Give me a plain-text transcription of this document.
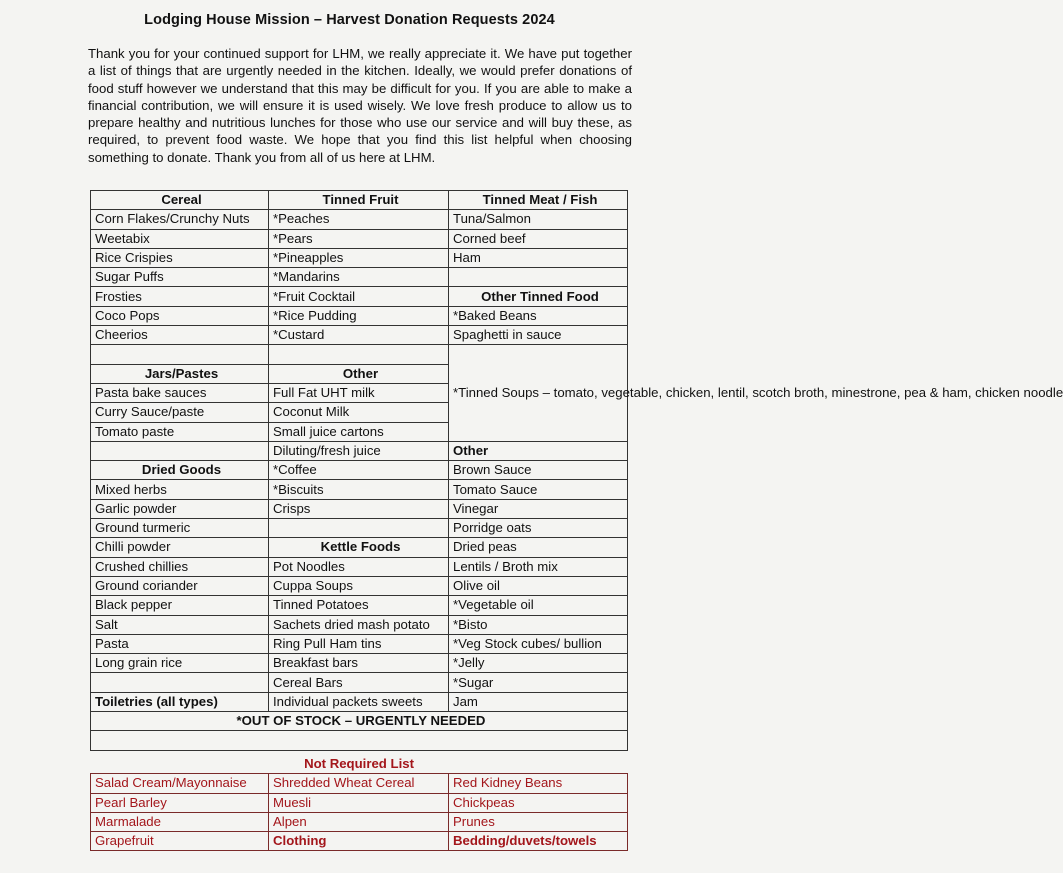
Lodging House Mission – Harvest Donation Requests 2024
Thank you for your continued support for LHM, we really appreciate it. We have put together a list of things that are urgently needed in the kitchen. Ideally, we would prefer donations of food stuff however we understand that this may be difficult for you. If you are able to make a financial contribution, we will ensure it is used wisely. We love fresh produce to allow us to prepare healthy and nutritious lunches for those who use our service and will buy these, as required, to prevent food waste. We hope that you find this list helpful when choosing something to donate. Thank you from all of us here at LHM.
Cereal	Tinned Fruit	Tinned Meat / Fish
Corn Flakes/Crunchy Nuts	*Peaches	Tuna/Salmon
Weetabix	*Pears	Corned beef
Rice Crispies	*Pineapples	Ham
Sugar Puffs	*Mandarins	
Frosties	*Fruit Cocktail	Other Tinned Food
Coco Pops	*Rice Pudding	*Baked Beans
Cheerios	*Custard	Spaghetti in sauce
		*Tinned Soups – tomato, vegetable, chicken, lentil, scotch broth, minestrone, pea & ham, chicken noodle
Jars/Pastes	Other	
Pasta bake sauces	Full Fat UHT milk	
Curry Sauce/paste	Coconut Milk	
Tomato paste	Small juice cartons	
	Diluting/fresh juice	Other
Dried Goods	*Coffee	Brown Sauce
Mixed herbs	*Biscuits	Tomato Sauce
Garlic powder	Crisps	Vinegar
Ground turmeric		Porridge oats
Chilli powder	Kettle Foods	Dried peas
Crushed chillies	Pot Noodles	Lentils / Broth mix
Ground coriander	Cuppa Soups	Olive oil
Black pepper	Tinned Potatoes	*Vegetable oil
Salt	Sachets dried mash potato	*Bisto
Pasta	Ring Pull Ham tins	*Veg Stock cubes/ bullion
Long grain rice	Breakfast bars	*Jelly
	Cereal Bars	*Sugar
Toiletries (all types)	Individual packets sweets	Jam
*OUT OF STOCK – URGENTLY NEEDED		

Not Required List		
Salad Cream/Mayonnaise	Shredded Wheat Cereal	Red Kidney Beans
Pearl Barley	Muesli	Chickpeas
Marmalade	Alpen	Prunes
Grapefruit	Clothing	Bedding/duvets/towels
